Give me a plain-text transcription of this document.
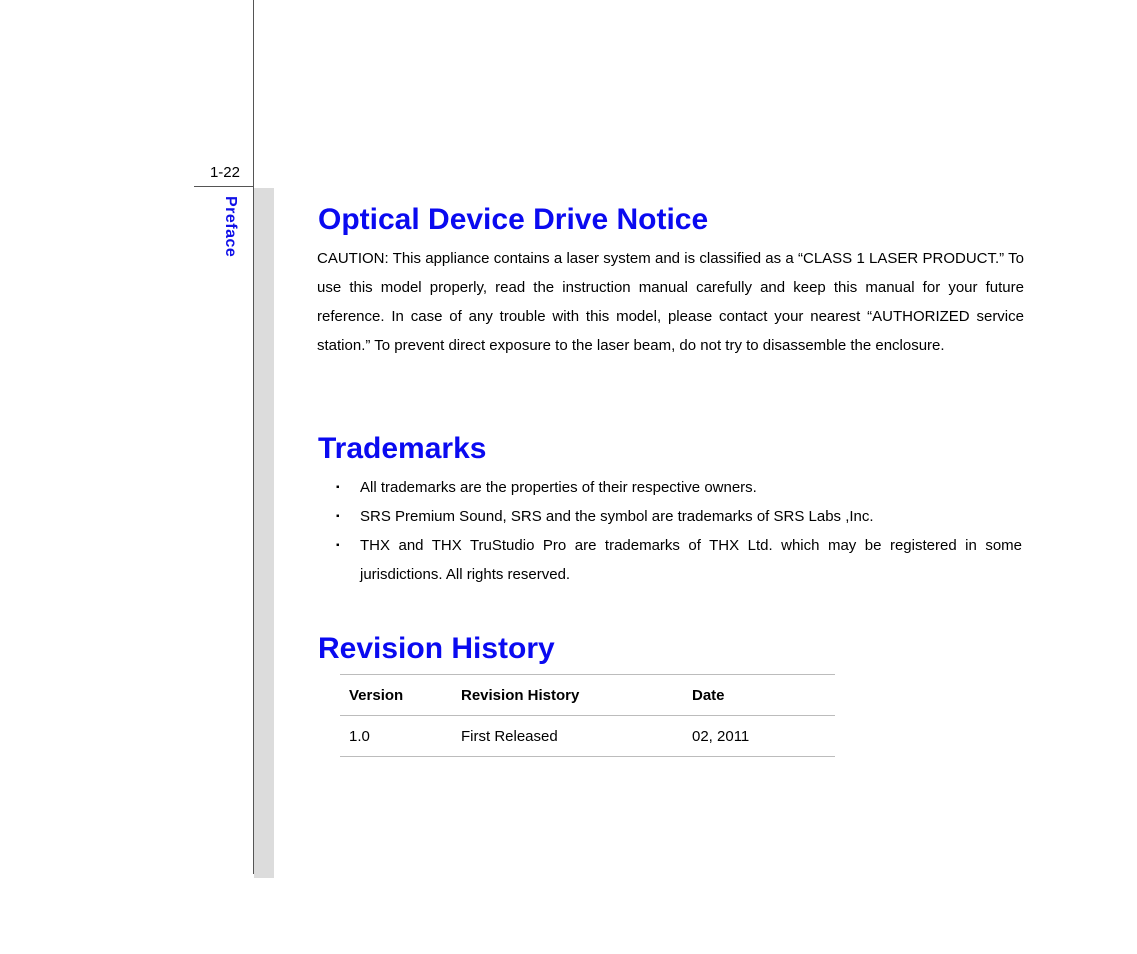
1-22
Preface	Optical Device Drive Notice

CAUTION: This appliance contains a laser system and is classified as a “CLASS 1 LASER PRODUCT.” To use this model properly, read the instruction manual carefully and keep this manual for your future reference. In case of any trouble with this model, please contact your nearest “AUTHORIZED service station.” To prevent direct exposure to the laser beam, do not try to disassemble the enclosure.

Trademarks
▪ All trademarks are the properties of their respective owners.
▪ SRS Premium Sound, SRS and the symbol are trademarks of SRS Labs ,Inc.
▪ THX and THX TruStudio Pro are trademarks of THX Ltd. which may be registered in some jurisdictions. All rights reserved.
Revision History
Version	Revision History	Date
1.0	First Released	02, 2011
